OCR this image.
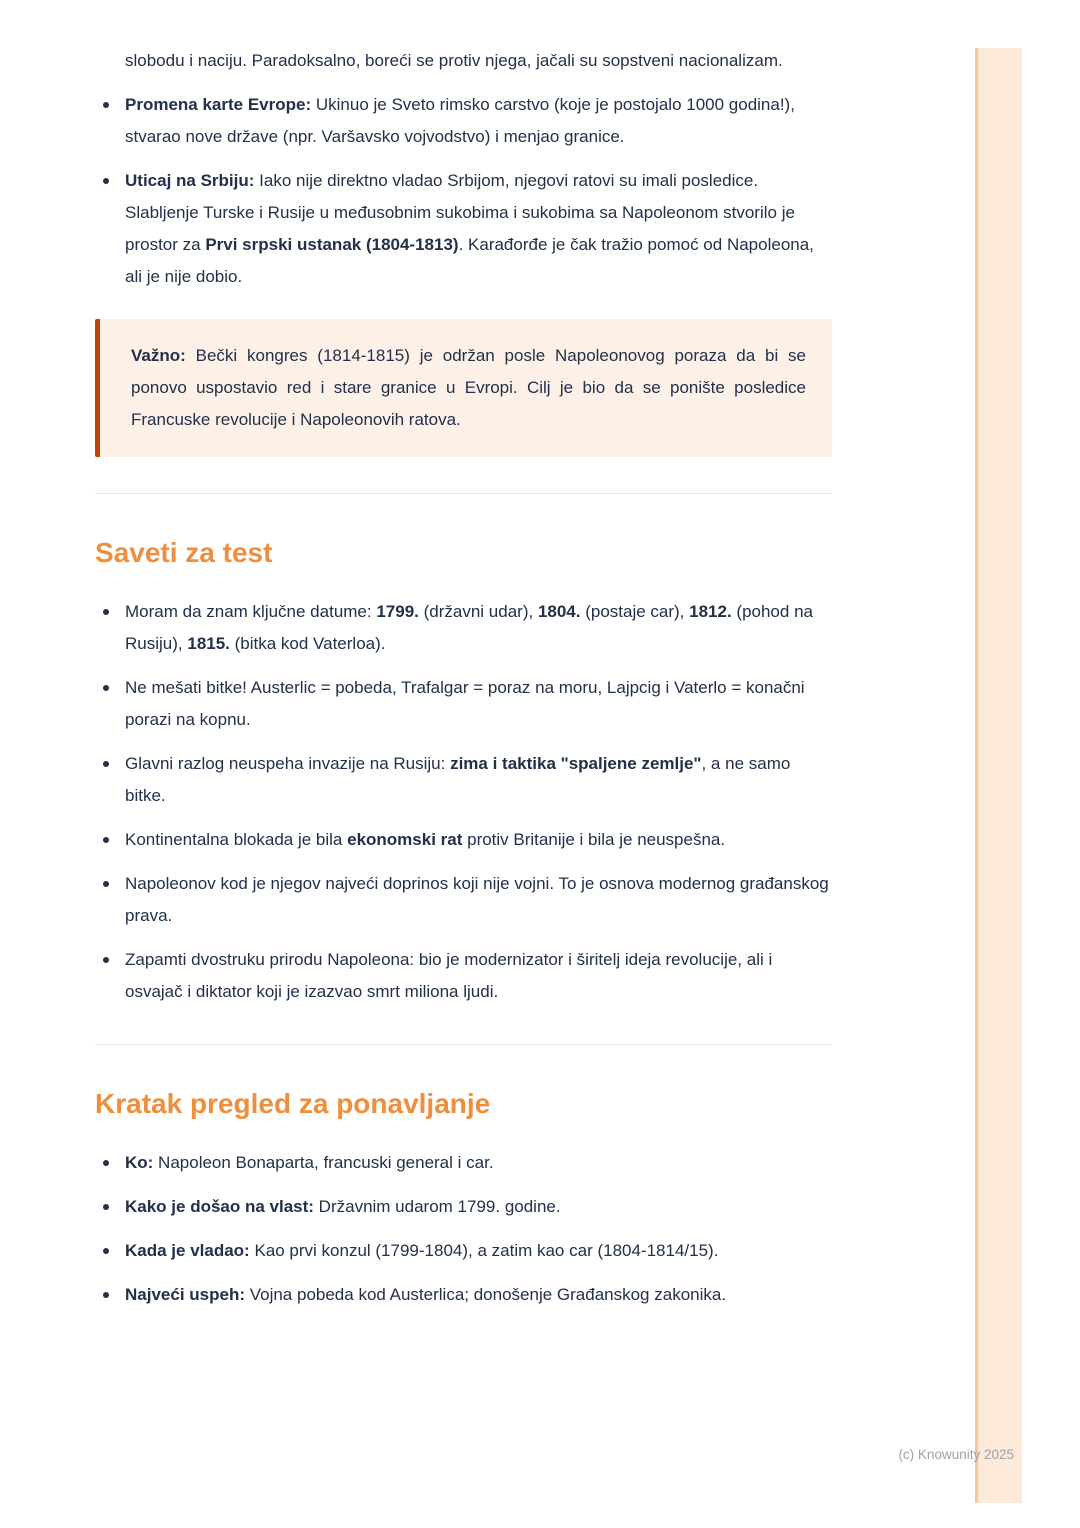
slobodu i naciju. Paradoksalno, boreći se protiv njega, jačali su sopstveni nacionalizam.

Promena karte Evrope: Ukinuo je Sveto rimsko carstvo (koje je postojalo 1000 godina!), stvarao nove države (npr. Varšavsko vojvodstvo) i menjao granice.
Uticaj na Srbiju: Iako nije direktno vladao Srbijom, njegovi ratovi su imali posledice. Slabljenje Turske i Rusije u međusobnim sukobima i sukobima sa Napoleonom stvorilo je prostor za Prvi srpski ustanak (1804-1813). Karađorđe je čak tražio pomoć od Napoleona, ali je nije dobio.
Važno: Bečki kongres (1814-1815) je održan posle Napoleonovog poraza da bi se ponovo uspostavio red i stare granice u Evropi. Cilj je bio da se ponište posledice Francuske revolucije i Napoleonovih ratova.
Saveti za test
Moram da znam ključne datume: 1799. (državni udar), 1804. (postaje car), 1812. (pohod na Rusiju), 1815. (bitka kod Vaterloa).
Ne mešati bitke! Austerlic = pobeda, Trafalgar = poraz na moru, Lajpcig i Vaterlo = konačni porazi na kopnu.
Glavni razlog neuspeha invazije na Rusiju: zima i taktika "spaljene zemlje", a ne samo bitke.
Kontinentalna blokada je bila ekonomski rat protiv Britanije i bila je neuspešna.
Napoleonov kod je njegov najveći doprinos koji nije vojni. To je osnova modernog građanskog prava.
Zapamti dvostruku prirodu Napoleona: bio je modernizator i širitelj ideja revolucije, ali i osvajač i diktator koji je izazvao smrt miliona ljudi.
Kratak pregled za ponavljanje
Ko: Napoleon Bonaparta, francuski general i car.
Kako je došao na vlast: Državnim udarom 1799. godine.
Kada je vladao: Kao prvi konzul (1799-1804), a zatim kao car (1804-1814/15).
Najveći uspeh: Vojna pobeda kod Austerlica; donošenje Građanskog zakonika.
(c) Knowunity 2025
